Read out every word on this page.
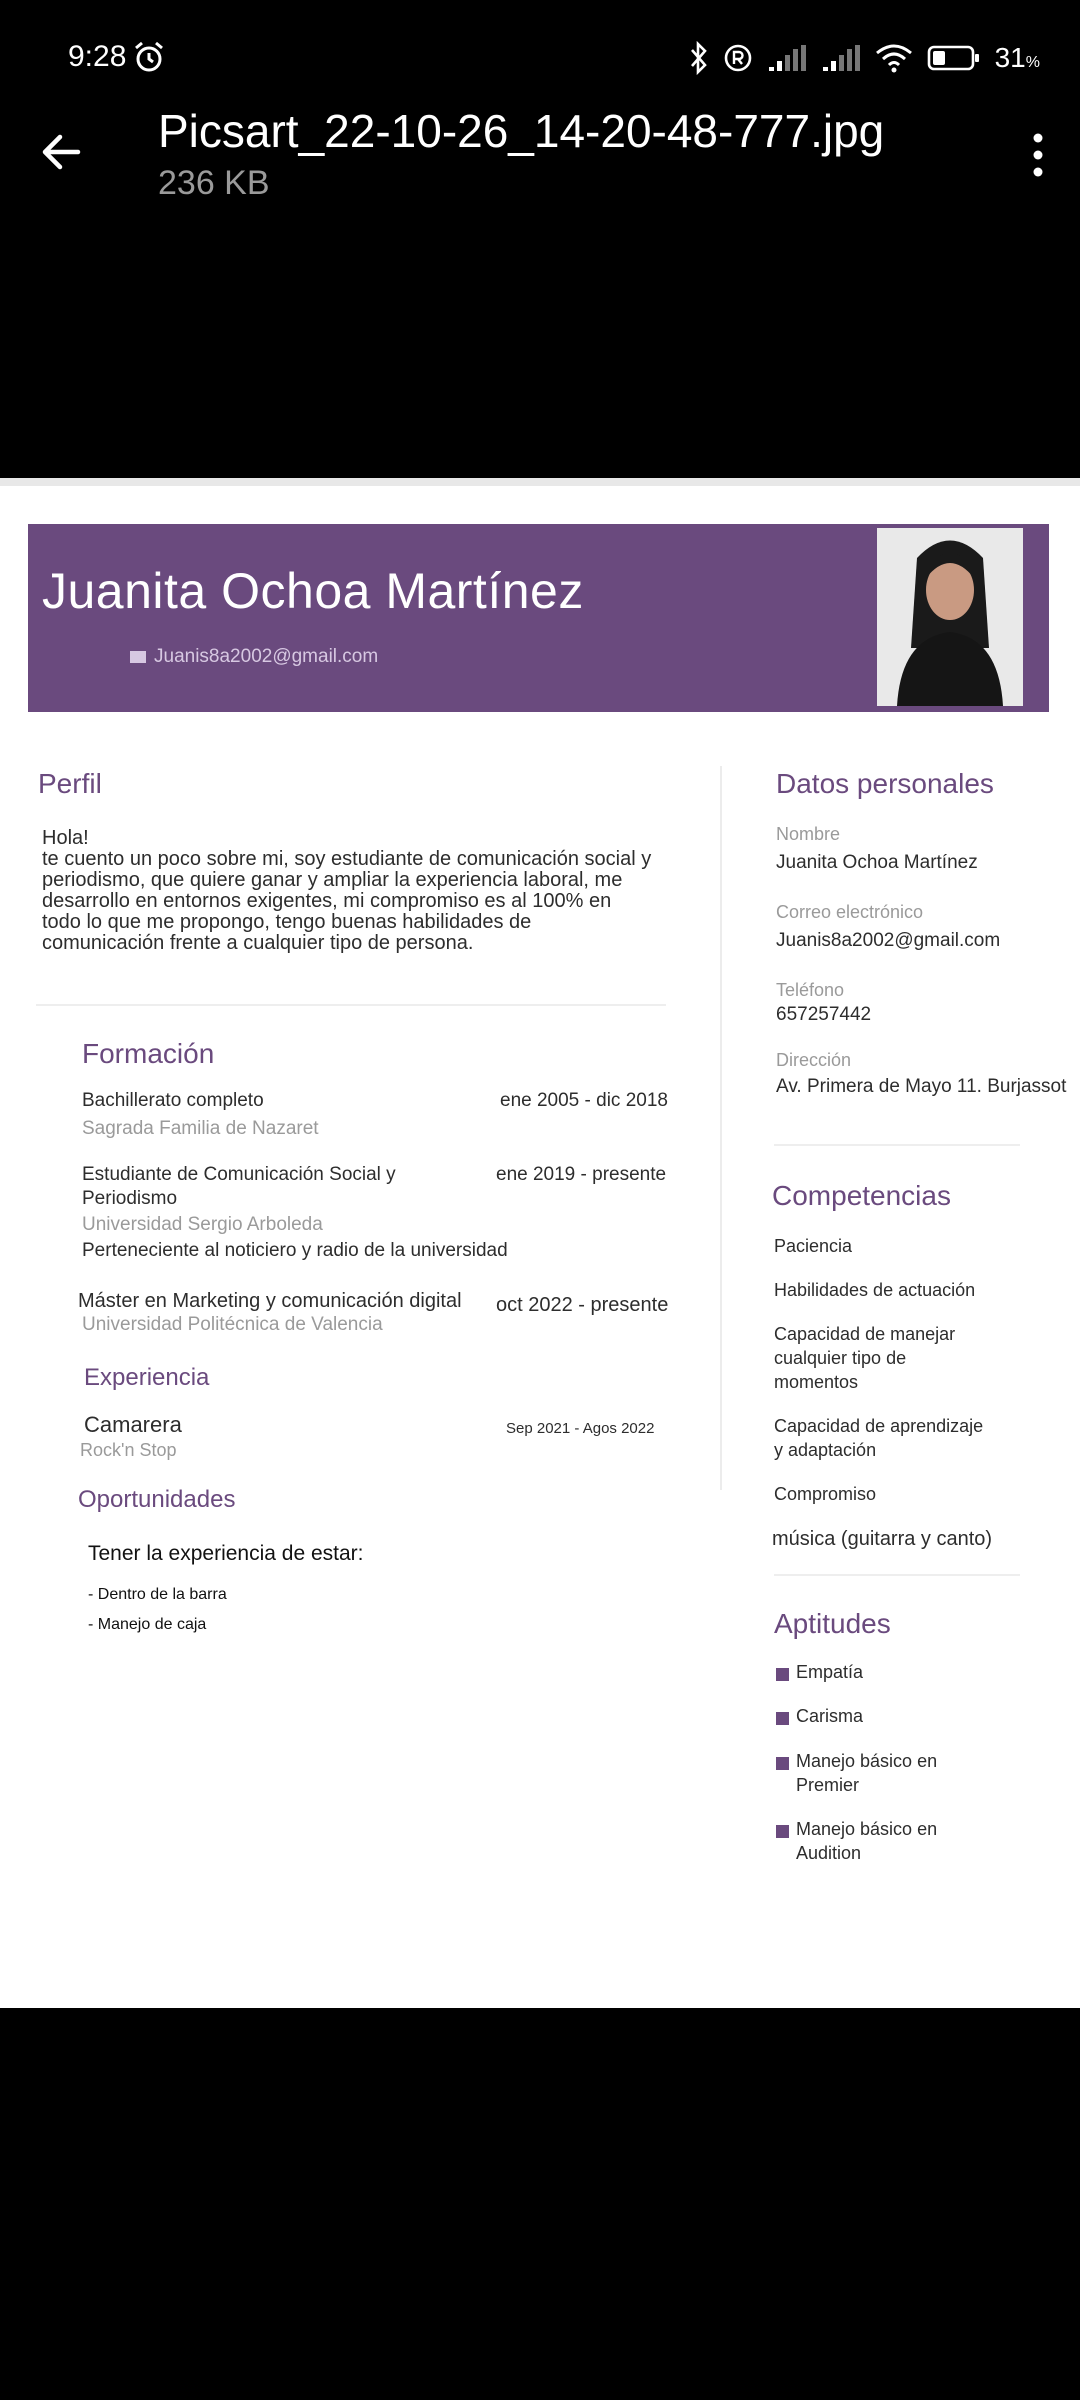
9:28	31%
Picsart_22-10-26_14-20-48-777.jpg
236 KB
Juanita Ochoa Martínez
Juanis8a2002@gmail.com
Perfil
Hola!
te cuento un poco sobre mi, soy estudiante de comunicación social y
periodismo, que quiere ganar y ampliar la experiencia laboral, me
desarrollo en entornos exigentes, mi compromiso es al 100% en
todo lo que me propongo, tengo buenas habilidades de
comunicación frente a cualquier tipo de persona.
Formación
Bachillerato completo	ene 2005 - dic 2018
Sagrada Familia de Nazaret
Estudiante de Comunicación Social y
Periodismo
ene 2019 - presente
Universidad Sergio Arboleda
Perteneciente al noticiero y radio de la universidad
Máster en Marketing y comunicación digital oct 2022 - presente
Universidad Politécnica de Valencia
Experiencia
Camarera
Rock'n Stop
Sep 2021 - Agos 2022
Oportunidades
Tener la experiencia de estar:
- Dentro de la barra
- Manejo de caja
Datos personales
Nombre
Juanita Ochoa Martínez
Correo electrónico
Juanis8a2002@gmail.com
Teléfono
657257442
Dirección
Av. Primera de Mayo 11. Burjassot
Competencias
Paciencia
Habilidades de actuación
Capacidad de manejar
cualquier tipo de
momentos
Capacidad de aprendizaje
y adaptación
Compromiso
música (guitarra y canto)
Aptitudes
Empatía
Carisma
Manejo básico en
Premier
Manejo básico en
Audition
